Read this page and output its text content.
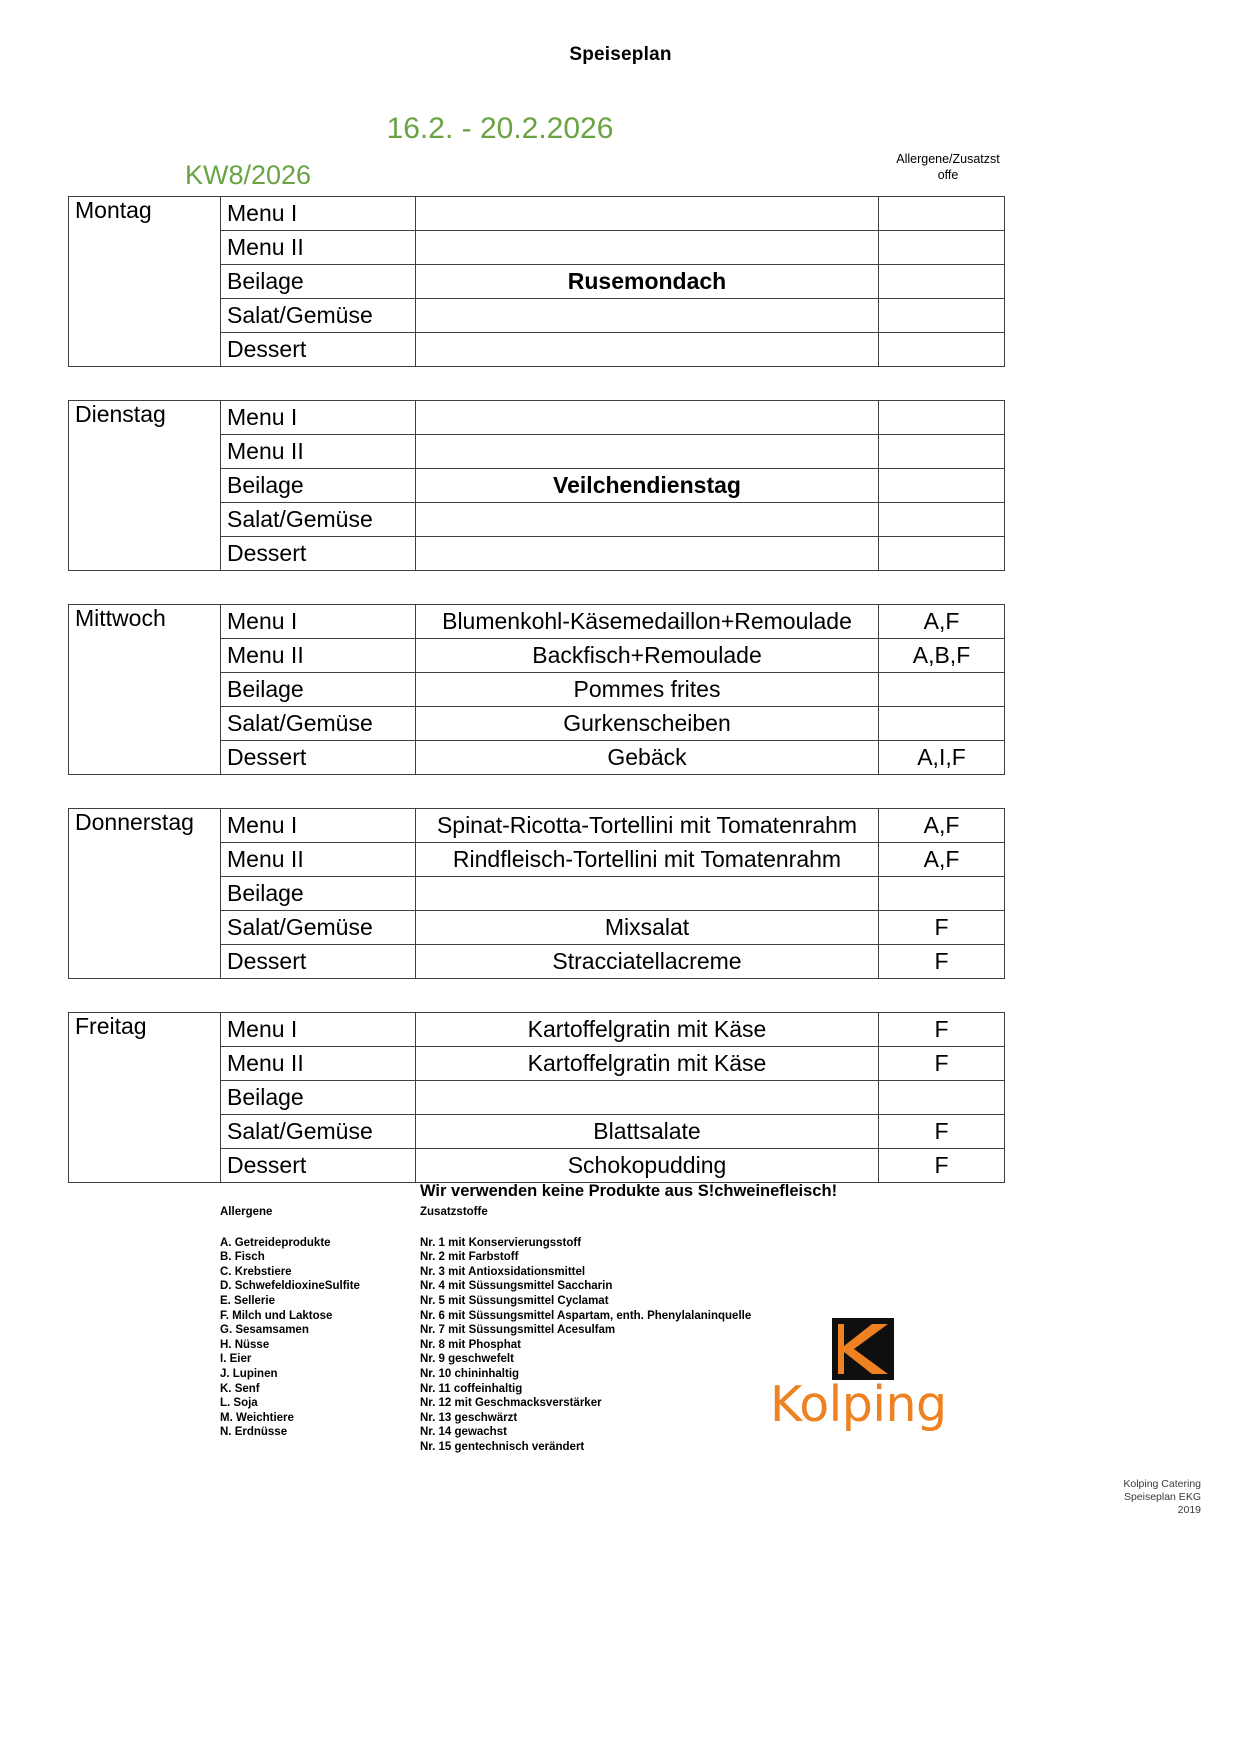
Speiseplan
16.2. - 20.2.2026
KW8/2026
Allergene/Zusatzst
offe
Montag	Menu I		
	Menu II		
	Beilage	Rusemondach	
	Salat/Gemüse		
	Dessert		
Dienstag	Menu I		
	Menu II		
	Beilage	Veilchendienstag	
	Salat/Gemüse		
	Dessert		
Mittwoch	Menu I	Blumenkohl-Käsemedaillon+Remoulade	A,F
	Menu II	Backfisch+Remoulade	A,B,F
	Beilage	Pommes frites	
	Salat/Gemüse	Gurkenscheiben	
	Dessert	Gebäck	A,I,F
Donnerstag	Menu I	Spinat-Ricotta-Tortellini mit Tomatenrahm	A,F
	Menu II	Rindfleisch-Tortellini mit Tomatenrahm	A,F
	Beilage		
	Salat/Gemüse	Mixsalat	F
	Dessert	Stracciatellacreme	F
Freitag	Menu I	Kartoffelgratin mit Käse	F
	Menu II	Kartoffelgratin mit Käse	F
	Beilage		
	Salat/Gemüse	Blattsalate	F
	Dessert	Schokopudding	F
Wir verwenden keine Produkte aus S!chweinefleisch!
Allergene
A. Getreideprodukte
B. Fisch
C. Krebstiere
D. SchwefeldioxineSulfite
E. Sellerie
F. Milch und Laktose
G. Sesamsamen
H. Nüsse
I. Eier
J. Lupinen
K. Senf
L. Soja
M. Weichtiere
N. Erdnüsse
Zusatzstoffe
Nr. 1 mit Konservierungsstoff
Nr. 2 mit Farbstoff
Nr. 3 mit Antioxsidationsmittel
Nr. 4 mit Süssungsmittel Saccharin
Nr. 5 mit Süssungsmittel Cyclamat
Nr. 6 mit Süssungsmittel Aspartam, enth. Phenylalaninquelle
Nr. 7 mit Süssungsmittel Acesulfam
Nr. 8 mit Phosphat
Nr. 9 geschwefelt
Nr. 10 chininhaltig
Nr. 11 coffeinhaltig
Nr. 12 mit Geschmacksverstärker
Nr. 13 geschwärzt
Nr. 14 gewachst
Nr. 15 gentechnisch verändert
Kolping
Kolping Catering
Speiseplan EKG
2019
